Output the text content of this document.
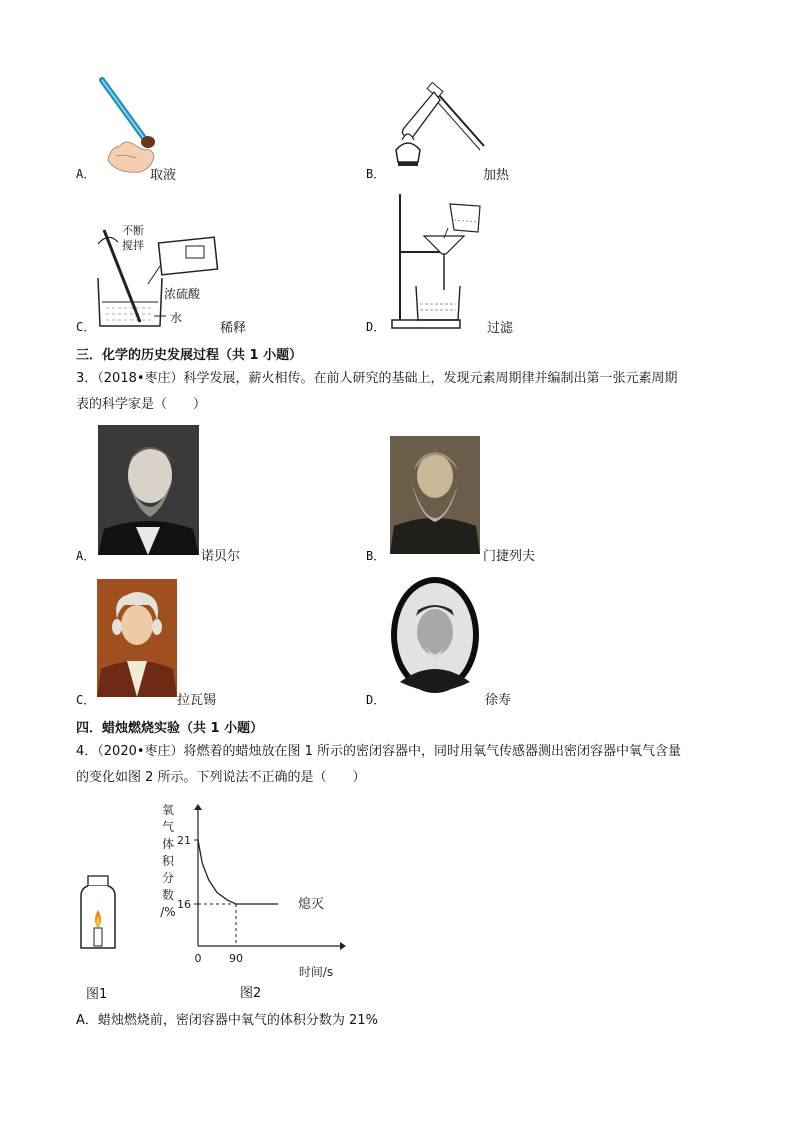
A．	取液	B．	加热
不断
搅拌
浓硫酸
水
C．	稀释	D．	过滤
三．化学的历史发展过程（共 1 小题）
3．（2018•枣庄）科学发展，薪火相传。在前人研究的基础上，发现元素周期律并编制出第一张元素周期
表的科学家是（　　）
A．	诺贝尔	B．	门捷列夫
C．	拉瓦锡	D．	徐寿
四．蜡烛燃烧实验（共 1 小题）
4．（2020•枣庄）将燃着的蜡烛放在图 1 所示的密闭容器中，同时用氧气传感器测出密闭容器中氧气含量
的变化如图 2 所示。下列说法不正确的是（　　）
图1
21
16
0	90
氧
气
体
积
分
数
/%
时间/s
熄灭
图2
A．蜡烛燃烧前，密闭容器中氧气的体积分数为 21%
